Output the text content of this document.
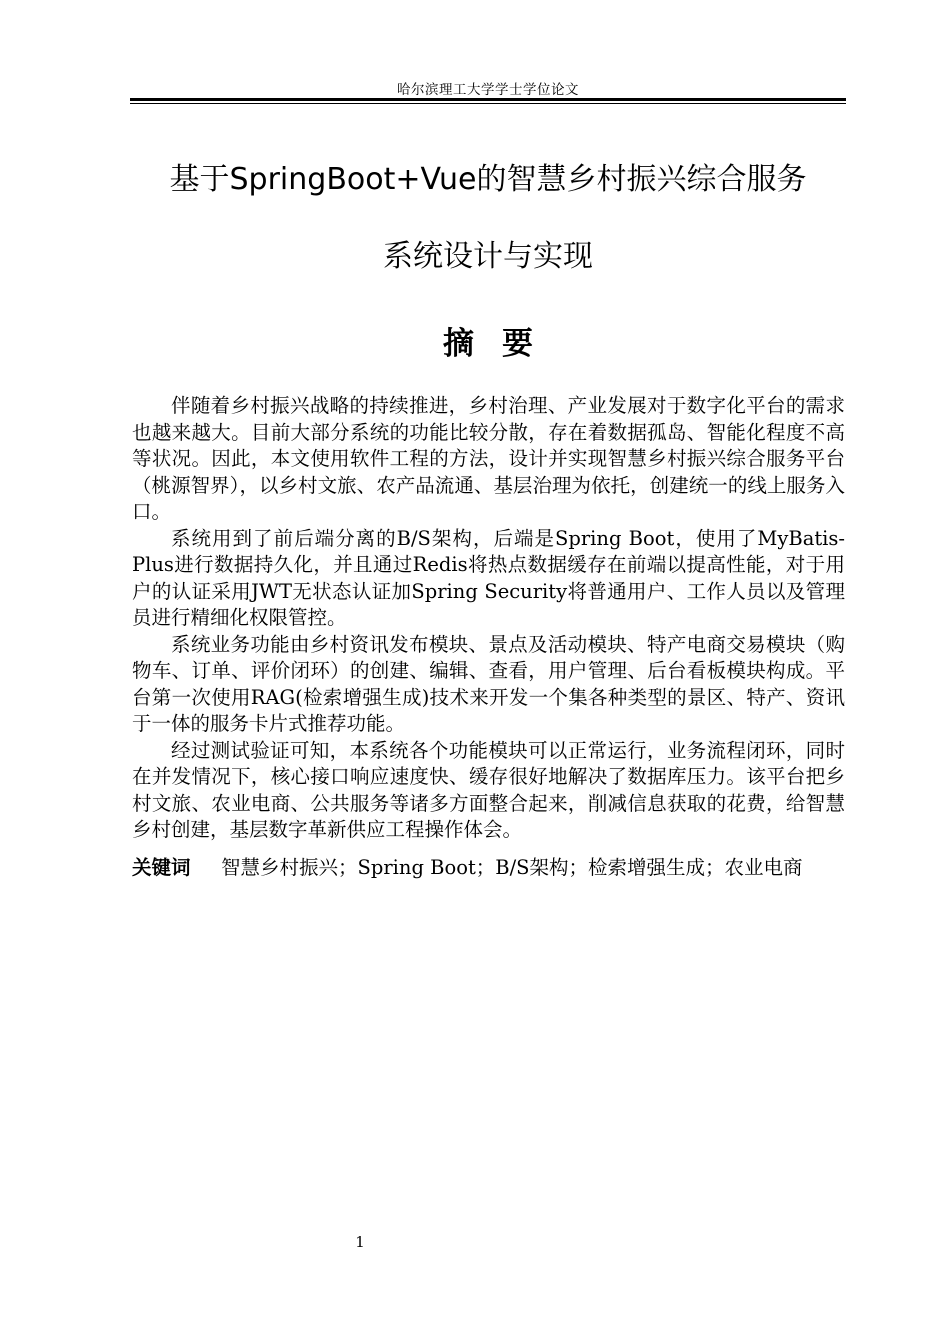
哈尔滨理工大学学士学位论文
基于SpringBoot+Vue的智慧乡村振兴综合服务
系统设计与实现
摘要

伴随着乡村振兴战略的持续推进，乡村治理、产业发展对于数字化平台的需求也越来越大。目前大部分系统的功能比较分散，存在着数据孤岛、智能化程度不高等状况。因此，本文使用软件工程的方法，设计并实现智慧乡村振兴综合服务平台（桃源智界），以乡村文旅、农产品流通、基层治理为依托，创建统一的线上服务入口。

系统用到了前后端分离的B/S架构，后端是Spring Boot，使用了MyBatis-Plus进行数据持久化，并且通过Redis将热点数据缓存在前端以提高性能，对于用户的认证采用JWT无状态认证加Spring Security将普通用户、工作人员以及管理员进行精细化权限管控。

系统业务功能由乡村资讯发布模块、景点及活动模块、特产电商交易模块（购物车、订单、评价闭环）的创建、编辑、查看，用户管理、后台看板模块构成。平台第一次使用RAG(检索增强生成)技术来开发一个集各种类型的景区、特产、资讯于一体的服务卡片式推荐功能。

经过测试验证可知，本系统各个功能模块可以正常运行，业务流程闭环，同时在并发情况下，核心接口响应速度快、缓存很好地解决了数据库压力。该平台把乡村文旅、农业电商、公共服务等诸多方面整合起来，削减信息获取的花费，给智慧乡村创建，基层数字革新供应工程操作体会。

关键词	智慧乡村振兴；Spring Boot；B/S架构；检索增强生成；农业电商
1
